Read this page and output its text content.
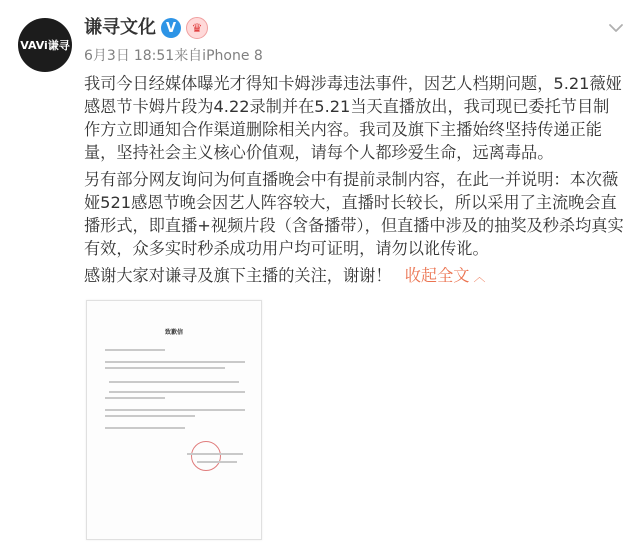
VAVi谦寻
谦寻文化 V	♛
6月3日 18:51 来自iPhone 8

我司今日经媒体曝光才得知卡姆涉毒违法事件，因艺人档期问题，5.21薇娅感恩节卡姆片段为4.22录制并在5.21当天直播放出，我司现已委托节目制作方立即通知合作渠道删除相关内容。我司及旗下主播始终坚持传递正能量，坚持社会主义核心价值观，请每个人都珍爱生命，远离毒品。

另有部分网友询问为何直播晚会中有提前录制内容，在此一并说明：本次薇娅521感恩节晚会因艺人阵容较大，直播时长较长，所以采用了主流晚会直播形式，即直播+视频片段（含备播带），但直播中涉及的抽奖及秒杀均真实有效，众多实时秒杀成功用户均可证明，请勿以讹传讹。

感谢大家对谦寻及旗下主播的关注，谢谢！ 收起全文 ︿

致歉信
